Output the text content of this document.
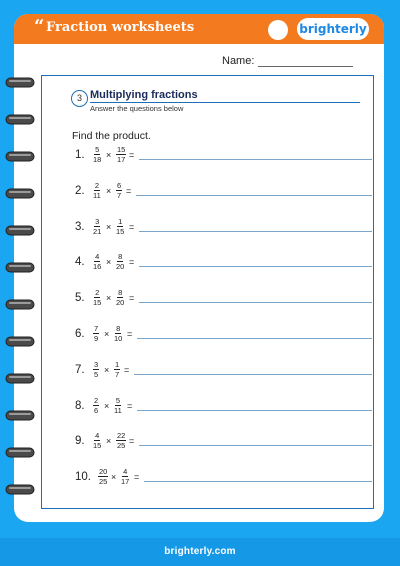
brighterly.com
“ Fraction worksheets	brighterly
Name:
3 Multiplying fractions
Answer the questions below
Find the product.
1. $\frac{5}{18} \times \frac{15}{17}$ =
2. $\frac{2}{11} \times \frac{6}{7}$ =
3. $\frac{3}{21} \times \frac{1}{15}$ =
4. $\frac{4}{16} \times \frac{8}{20}$ =
5. $\frac{2}{15} \times \frac{8}{20}$ =
6. $\frac{7}{9} \times \frac{8}{10}$ =
7. $\frac{3}{5} \times \frac{1}{7}$ =
8. $\frac{2}{6} \times \frac{5}{11}$ =
9. $\frac{4}{15} \times \frac{22}{25}$ =
10. $\frac{20}{25} \times \frac{4}{17}$ =
